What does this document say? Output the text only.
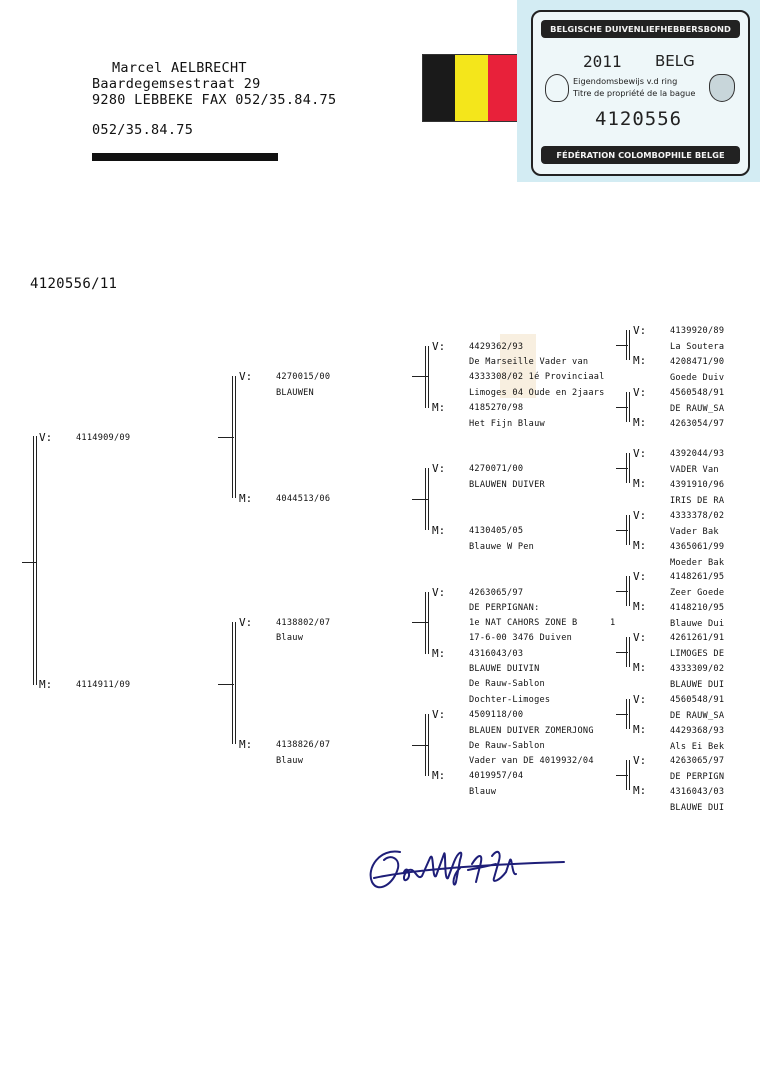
Marcel AELBRECHT
Baardegemsestraat 29
9280 LEBBEKE FAX 052/35.84.75
052/35.84.75
BELGISCHE DUIVENLIEFHEBBERSBOND
2011 BELG
Eigendomsbewijs v.d ring
Titre de propriété de la bague
4120556
FÉDÉRATION COLOMBOPHILE BELGE
4120556/11
V:	4114909/09
M:	4114911/09
V:	4270015/00
BLAUWEN
M:	4044513/06
V:	4138802/07
Blauw
M:	4138826/07
Blauw
V:	4429362/93
De Marseille Vader van
4333308/02 1é Provinciaal
Limoges 04 Oude en 2jaars
M:	4185270/98
Het Fijn Blauw
V:	4270071/00
BLAUWEN DUIVER
M:	4130405/05
Blauwe W Pen
V:	4263065/97
DE PERPIGNAN:
1e NAT CAHORS ZONE B	1
17-6-00 3476 Duiven
M:	4316043/03
BLAUWE DUIVIN
De Rauw-Sablon
Dochter-Limoges
V:	4509118/00
BLAUEN DUIVER ZOMERJONG
De Rauw-Sablon
Vader van DE 4019932/04
M:	4019957/04
Blauw
V:	4139920/89
La Soutera
M:	4208471/90
Goede Duiv
V:	4560548/91
DE RAUW_SA
M:	4263054/97
V:	4392044/93
VADER Van
M:	4391910/96
IRIS DE RA
V:	4333378/02
Vader Bak
M:	4365061/99
Moeder Bak
V:	4148261/95
Zeer Goede
M:	4148210/95
Blauwe Dui
V:	4261261/91
LIMOGES DE
M:	4333309/02
BLAUWE DUI
V:	4560548/91
DE RAUW_SA
M:	4429368/93
Als Ei Bek
V:	4263065/97
DE PERPIGN
M:	4316043/03
BLAUWE DUI
